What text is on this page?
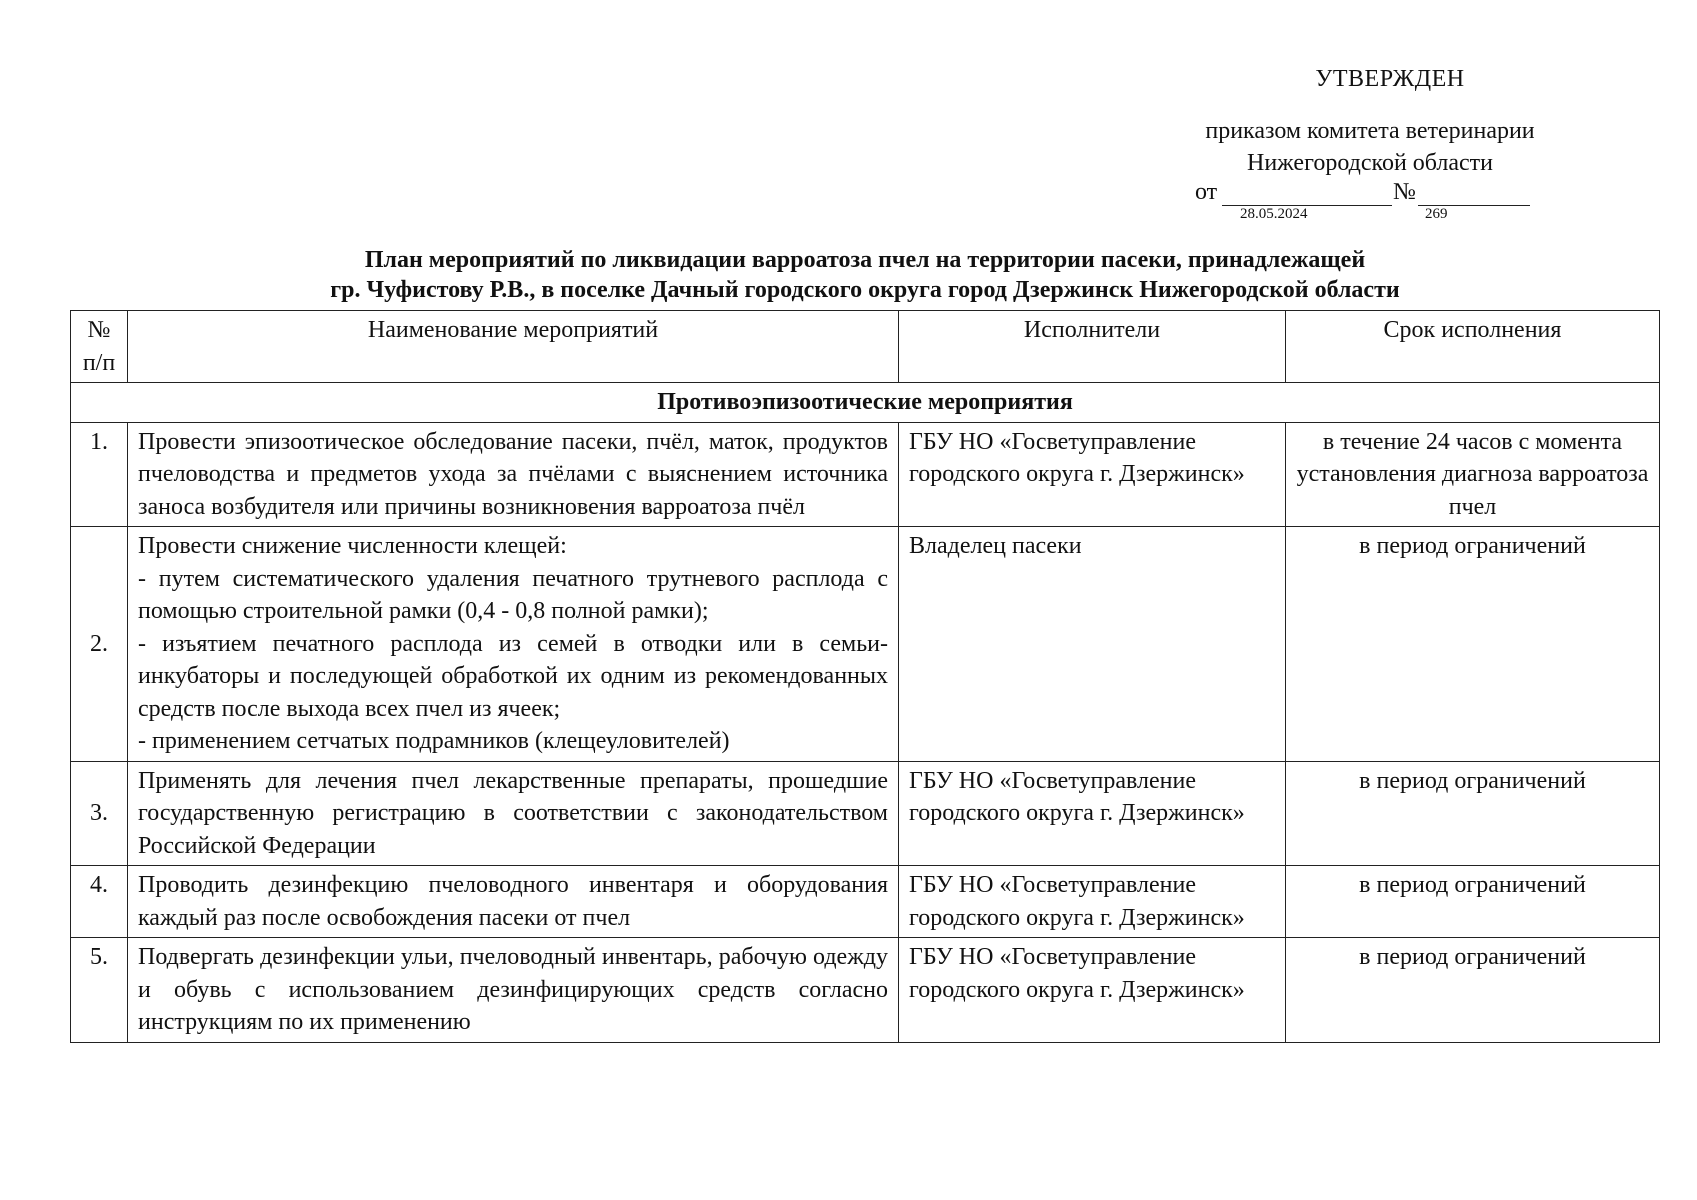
УТВЕРЖДЕН
приказом комитета ветеринарии
Нижегородской области
от
28.05.2024
№
269
План мероприятий по ликвидации варроатоза пчел на территории пасеки, принадлежащей
гр. Чуфистову Р.В., в поселке Дачный городского округа город Дзержинск Нижегородской области
№ п/п	Наименование мероприятий	Исполнители	Срок исполнения
Противоэпизоотические мероприятия			
1.	Провести эпизоотическое обследование пасеки, пчёл, маток, продуктов пчеловодства и предметов ухода за пчёлами с выяснением источника заноса возбудителя или причины возникновения варроатоза пчёл	ГБУ НО «Госветуправление городского округа г. Дзержинск»	в течение 24 часов с момента установления диагноза варроатоза пчел
2.	Провести снижение численности клещей:
- путем систематического удаления печатного трутневого расплода с помощью строительной рамки (0,4 - 0,8 полной рамки);
- изъятием печатного расплода из семей в отводки или в семьи-инкубаторы и последующей обработкой их одним из рекомендованных средств после выхода всех пчел из ячеек;
- применением сетчатых подрамников (клещеуловителей)	Владелец пасеки	в период ограничений
3.	Применять для лечения пчел лекарственные препараты, прошедшие государственную регистрацию в соответствии с законодательством Российской Федерации	ГБУ НО «Госветуправление городского округа г. Дзержинск»	в период ограничений
4.	Проводить дезинфекцию пчеловодного инвентаря и оборудования каждый раз после освобождения пасеки от пчел	ГБУ НО «Госветуправление городского округа г. Дзержинск»	в период ограничений
5.	Подвергать дезинфекции ульи, пчеловодный инвентарь, рабочую одежду и обувь с использованием дезинфицирующих средств согласно инструкциям по их применению	ГБУ НО «Госветуправление городского округа г. Дзержинск»	в период ограничений
